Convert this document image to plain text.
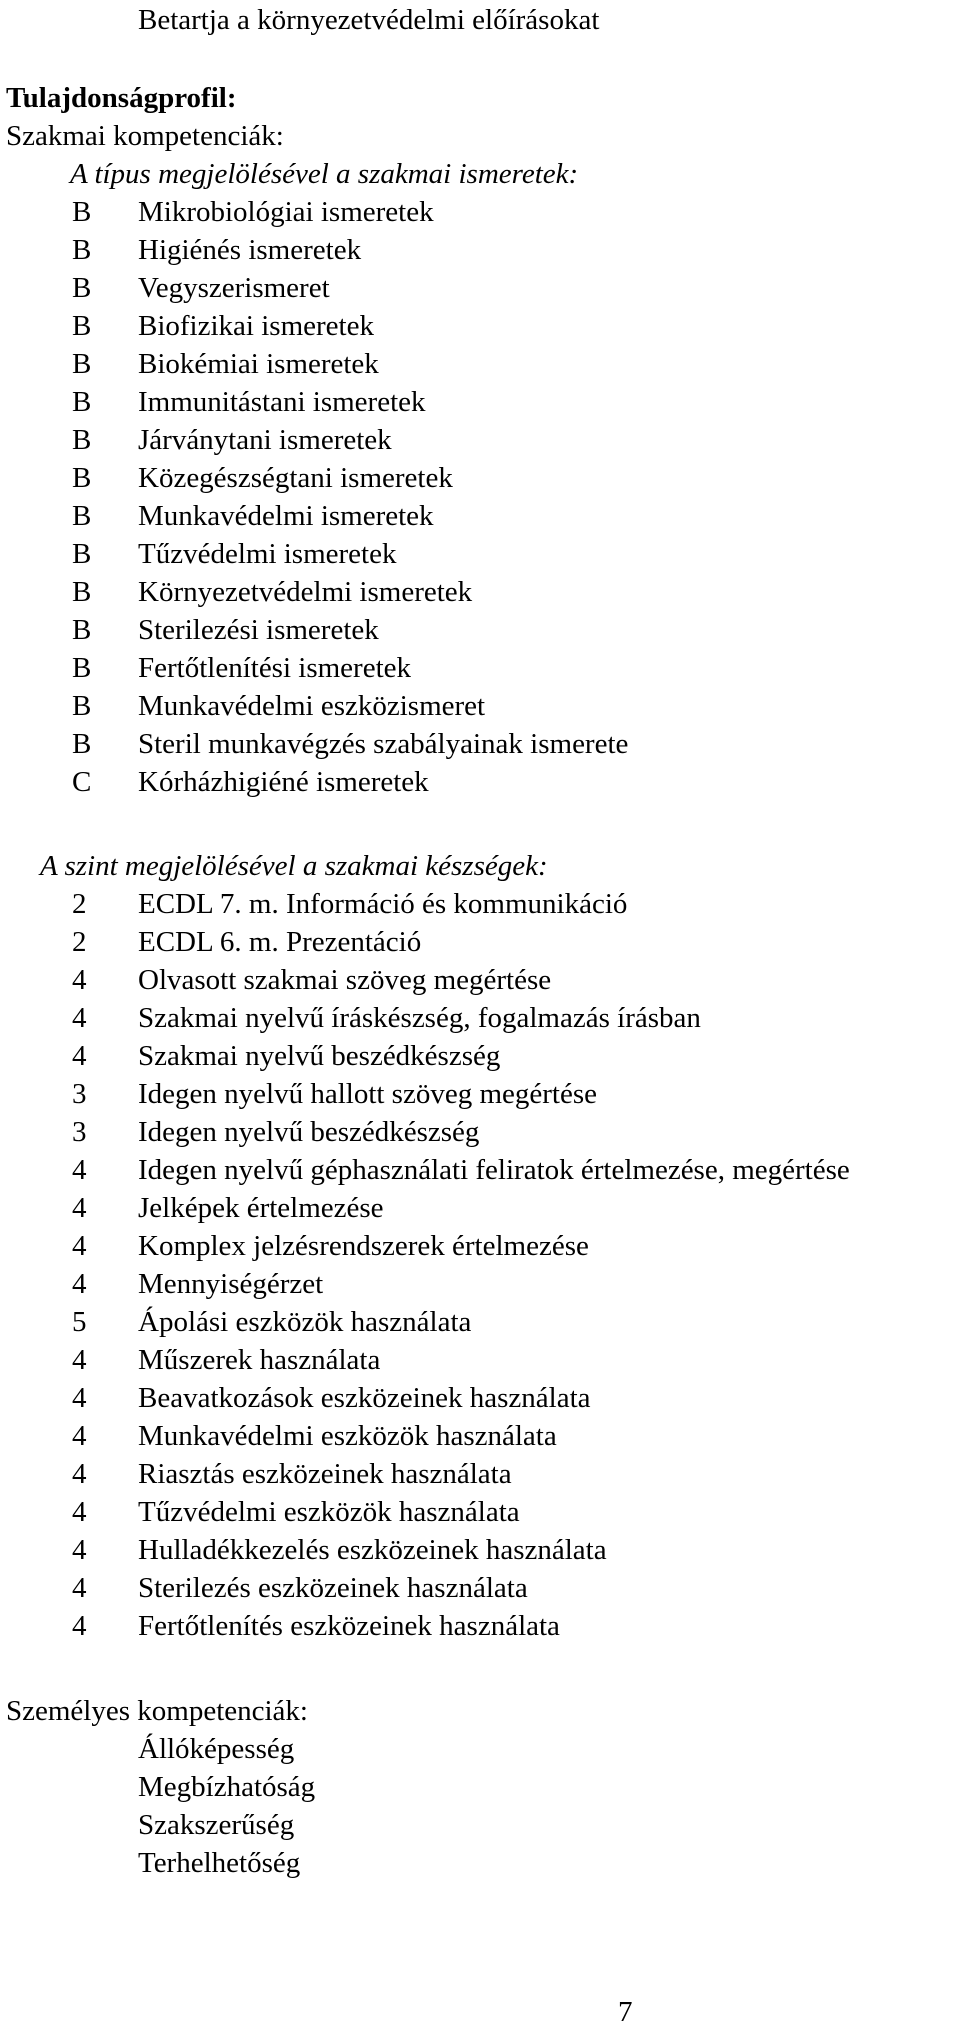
Betartja a környezetvédelmi előírásokat
Tulajdonságprofil:
Szakmai kompetenciák:
A típus megjelölésével a szakmai ismeretek:
B Mikrobiológiai ismeretek
B Higiénés ismeretek
B Vegyszerismeret
B Biofizikai ismeretek
B Biokémiai ismeretek
B Immunitástani ismeretek
B Járványtani ismeretek
B Közegészségtani ismeretek
B Munkavédelmi ismeretek
B Tűzvédelmi ismeretek
B Környezetvédelmi ismeretek
B Sterilezési ismeretek
B Fertőtlenítési ismeretek
B Munkavédelmi eszközismeret
B Steril munkavégzés szabályainak ismerete
C Kórházhigiéné ismeretek
A szint megjelölésével a szakmai készségek:
2 ECDL 7. m. Információ és kommunikáció
2 ECDL 6. m. Prezentáció
4 Olvasott szakmai szöveg megértése
4 Szakmai nyelvű íráskészség, fogalmazás írásban
4 Szakmai nyelvű beszédkészség
3 Idegen nyelvű hallott szöveg megértése
3 Idegen nyelvű beszédkészség
4 Idegen nyelvű géphasználati feliratok értelmezése, megértése
4 Jelképek értelmezése
4 Komplex jelzésrendszerek értelmezése
4 Mennyiségérzet
5 Ápolási eszközök használata
4 Műszerek használata
4 Beavatkozások eszközeinek használata
4 Munkavédelmi eszközök használata
4 Riasztás eszközeinek használata
4 Tűzvédelmi eszközök használata
4 Hulladékkezelés eszközeinek használata
4 Sterilezés eszközeinek használata
4 Fertőtlenítés eszközeinek használata
Személyes kompetenciák:
Állóképesség
Megbízhatóság
Szakszerűség
Terhelhetőség
7
